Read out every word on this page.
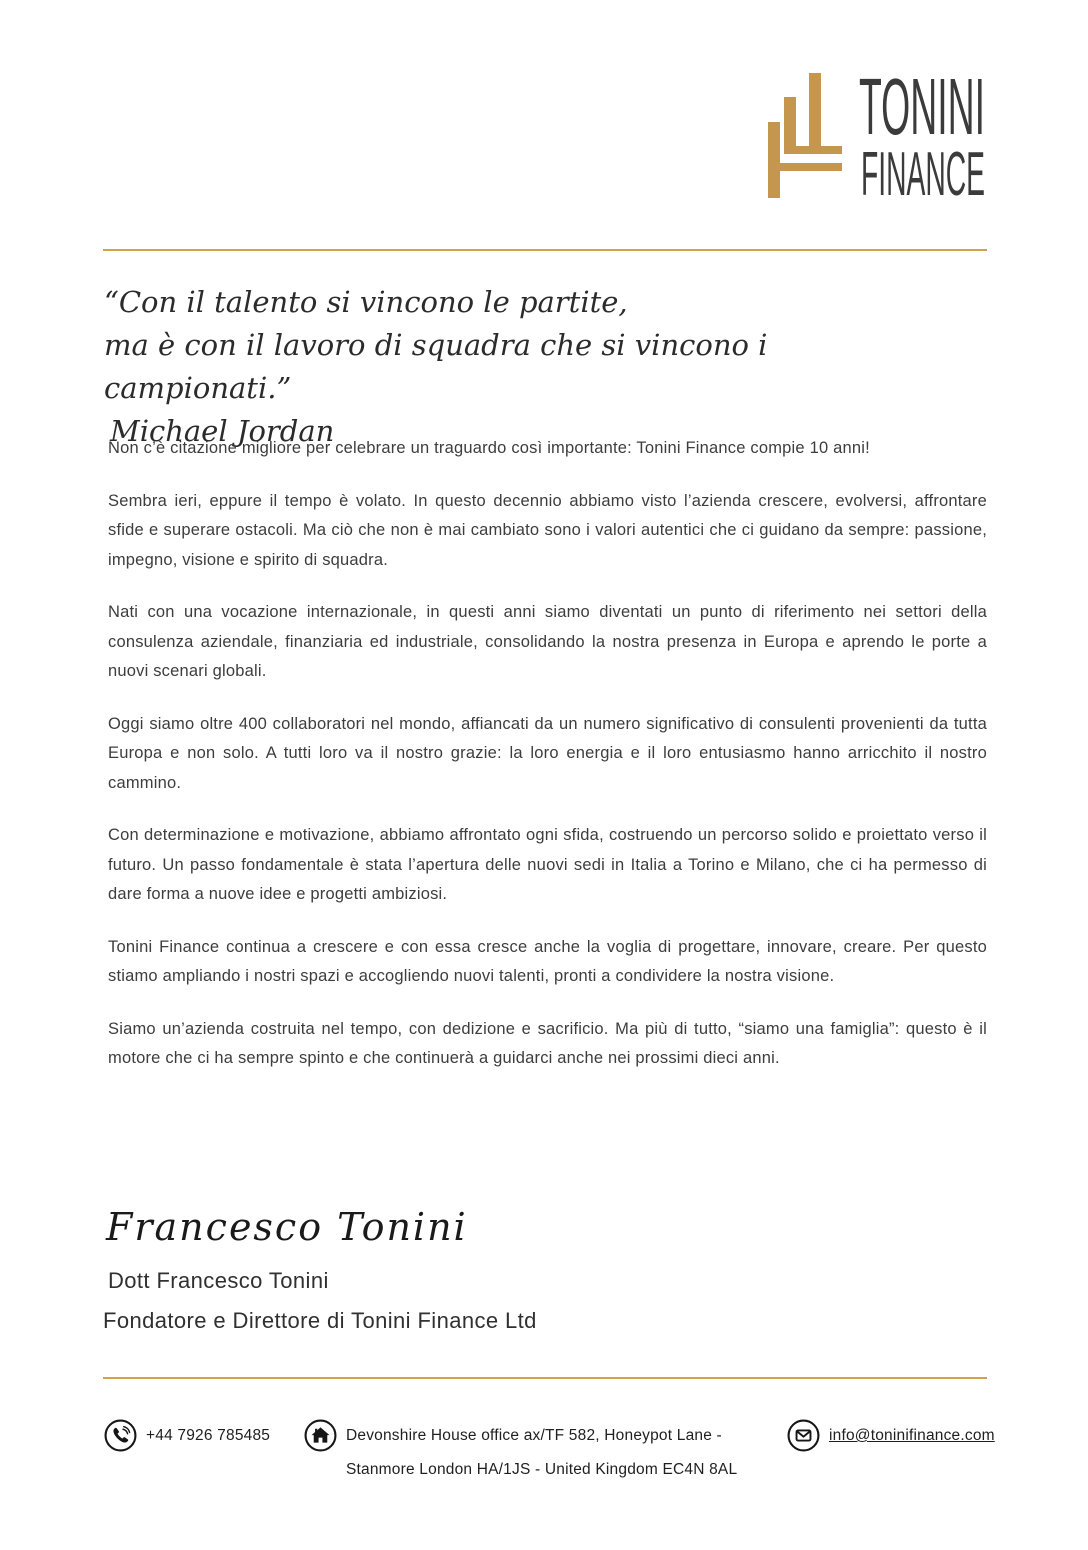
TONINI
FINANCE
“Con il talento si vincono le partite,
ma è con il lavoro di squadra che si vincono i campionati.”
Michael Jordan

Non c’è citazione migliore per celebrare un traguardo così importante: Tonini Finance compie 10 anni!

Sembra ieri, eppure il tempo è volato. In questo decennio abbiamo visto l’azienda crescere, evolversi, affrontare sfide e superare ostacoli. Ma ciò che non è mai cambiato sono i valori autentici che ci guidano da sempre: passione, impegno, visione e spirito di squadra.

Nati con una vocazione internazionale, in questi anni siamo diventati un punto di riferimento nei settori della consulenza aziendale, finanziaria ed industriale, consolidando la nostra presenza in Europa e aprendo le porte a nuovi scenari globali.

Oggi siamo oltre 400 collaboratori nel mondo, affiancati da un numero significativo di consulenti provenienti da tutta Europa e non solo. A tutti loro va il nostro grazie: la loro energia e il loro entusiasmo hanno arricchito il nostro cammino.

Con determinazione e motivazione, abbiamo affrontato ogni sfida, costruendo un percorso solido e proiettato verso il futuro. Un passo fondamentale è stata l’apertura delle nuovi sedi in Italia a Torino e Milano, che ci ha permesso di dare forma a nuove idee e progetti ambiziosi.

Tonini Finance continua a crescere e con essa cresce anche la voglia di progettare, innovare, creare. Per questo stiamo ampliando i nostri spazi e accogliendo nuovi talenti, pronti a condividere la nostra visione.

Siamo un’azienda costruita nel tempo, con dedizione e sacrificio. Ma più di tutto, “siamo una famiglia”: questo è il motore che ci ha sempre spinto e che continuerà a guidarci anche nei prossimi dieci anni.

Francesco Tonini
Dott Francesco Tonini
Fondatore e Direttore di Tonini Finance Ltd
+44 7926 785485	Devonshire House office ax/TF 582, Honeypot Lane -
Stanmore London HA/1JS - United Kingdom EC4N 8AL
info@toninifinance.com
